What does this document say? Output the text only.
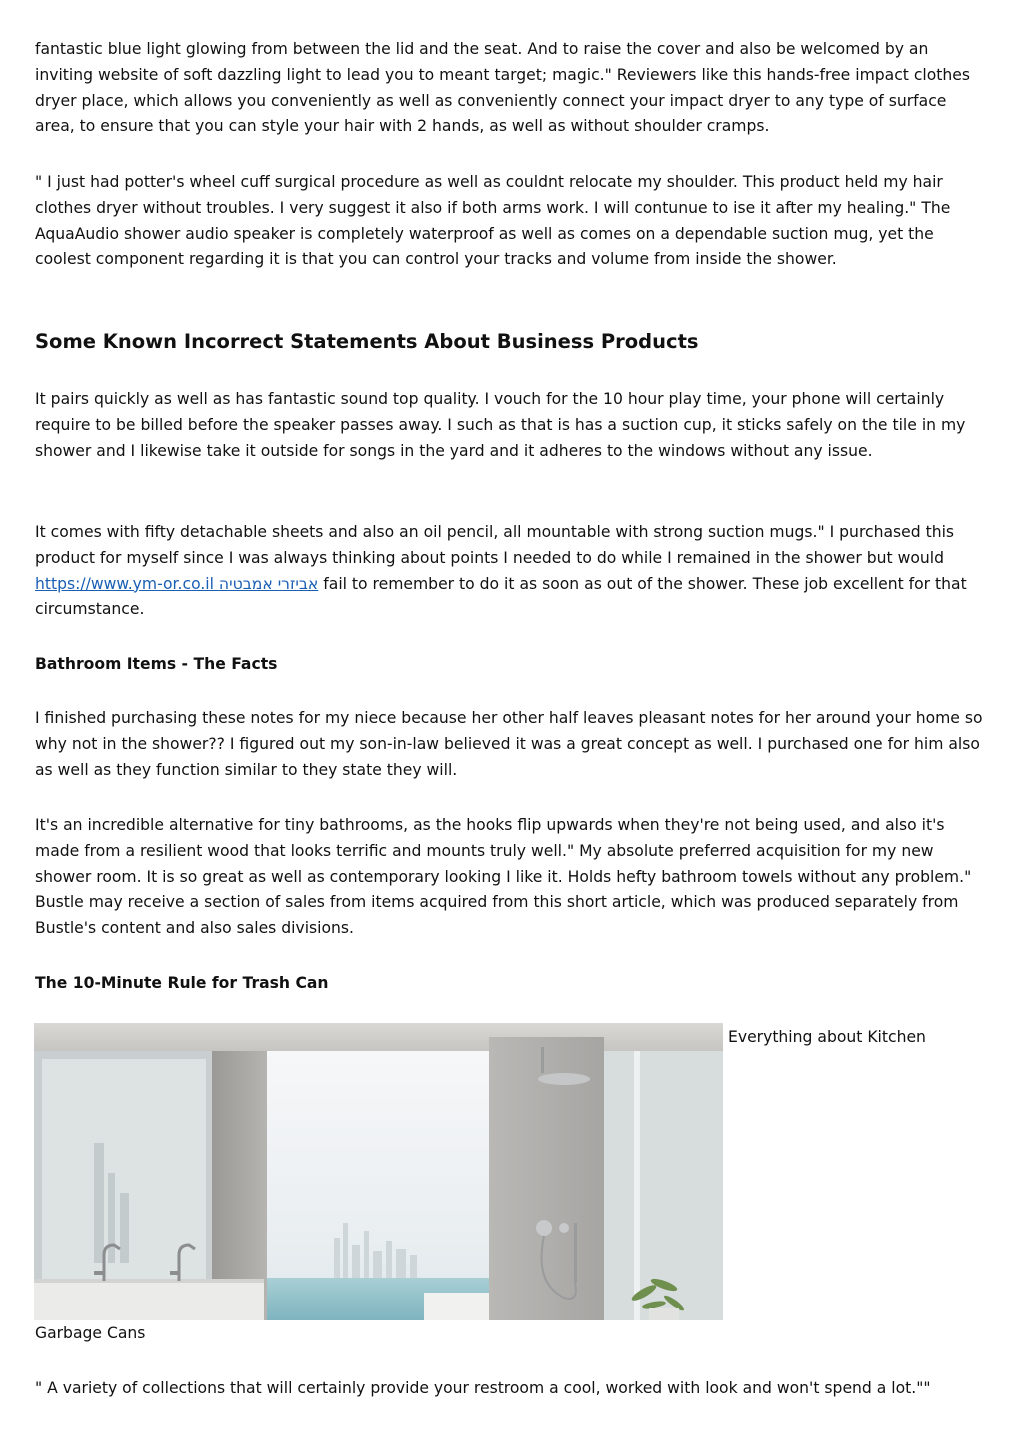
fantastic blue light glowing from between the lid and the seat. And to raise the cover and also be welcomed by an inviting website of soft dazzling light to lead you to meant target; magic." Reviewers like this hands-free impact clothes dryer place, which allows you conveniently as well as conveniently connect your impact dryer to any type of surface area, to ensure that you can style your hair with 2 hands, as well as without shoulder cramps.

" I just had potter's wheel cuff surgical procedure as well as couldnt relocate my shoulder. This product held my hair clothes dryer without troubles. I very suggest it also if both arms work. I will contunue to ise it after my healing." The AquaAudio shower audio speaker is completely waterproof as well as comes on a dependable suction mug, yet the coolest component regarding it is that you can control your tracks and volume from inside the shower.

Some Known Incorrect Statements About Business Products

It pairs quickly as well as has fantastic sound top quality. I vouch for the 10 hour play time, your phone will certainly require to be billed before the speaker passes away. I such as that is has a suction cup, it sticks safely on the tile in my shower and I likewise take it outside for songs in the yard and it adheres to the windows without any issue.

It comes with fifty detachable sheets and also an oil pencil, all mountable with strong suction mugs." I purchased this product for myself since I was always thinking about points I needed to do while I remained in the shower but would https://www.ym-or.co.il אביזרי אמבטיה fail to remember to do it as soon as out of the shower. These job excellent for that circumstance.

Bathroom Items - The Facts

I finished purchasing these notes for my niece because her other half leaves pleasant notes for her around your home so why not in the shower?? I figured out my son-in-law believed it was a great concept as well. I purchased one for him also as well as they function similar to they state they will.

It's an incredible alternative for tiny bathrooms, as the hooks flip upwards when they're not being used, and also it's made from a resilient wood that looks terrific and mounts truly well." My absolute preferred acquisition for my new shower room. It is so great as well as contemporary looking I like it. Holds hefty bathroom towels without any problem." Bustle may receive a section of sales from items acquired from this short article, which was produced separately from Bustle's content and also sales divisions.

The 10-Minute Rule for Trash Can
Everything about Kitchen
Garbage Cans

" A variety of collections that will certainly provide your restroom a cool, worked with look and won't spend a lot.""
